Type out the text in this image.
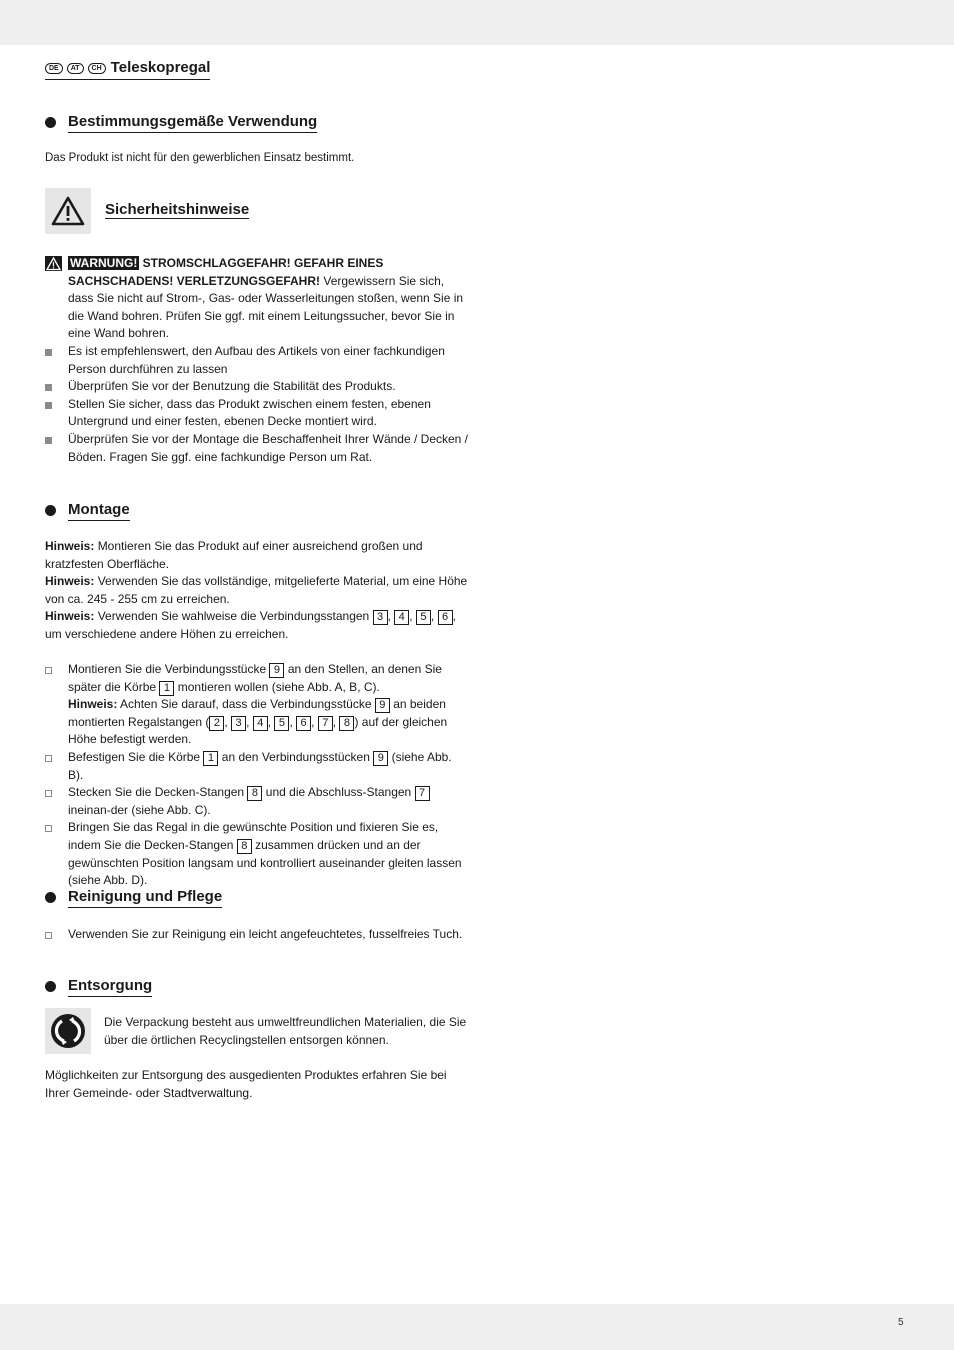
DE	AT	CH Teleskopregal
Bestimmungsgemäße Verwendung

Das Produkt ist nicht für den gewerblichen Einsatz bestimmt.

Sicherheitshinweise
WARNUNG! STROMSCHLAGGEFAHR! GEFAHR EINES SACHSCHADENS! VERLETZUNGSGEFAHR! Vergewissern Sie sich, dass Sie nicht auf Strom-, Gas- oder Wasserleitungen stoßen, wenn Sie in die Wand bohren. Prüfen Sie ggf. mit einem Leitungssucher, bevor Sie in eine Wand bohren.
Es ist empfehlenswert, den Aufbau des Artikels von einer fachkundigen Person durchführen zu lassen
Überprüfen Sie vor der Benutzung die Stabilität des Produkts.
Stellen Sie sicher, dass das Produkt zwischen einem festen, ebenen Untergrund und einer festen, ebenen Decke montiert wird.
Überprüfen Sie vor der Montage die Beschaffenheit Ihrer Wände / Decken / Böden. Fragen Sie ggf. eine fachkundige Person um Rat.
Montage

Hinweis: Montieren Sie das Produkt auf einer ausreichend großen und kratzfesten Oberfläche.

Hinweis: Verwenden Sie das vollständige, mitgelieferte Material, um eine Höhe von ca. 245 - 255 cm zu erreichen.

Hinweis: Verwenden Sie wahlweise die Verbindungsstangen 3 , 4 , 5 , 6 , um verschiedene andere Höhen zu erreichen.

Montieren Sie die Verbindungsstücke 9 an den Stellen, an denen Sie später die Körbe 1 montieren wollen (siehe Abb. A, B, C).
Hinweis: Achten Sie darauf, dass die Verbindungsstücke 9 an beiden montierten Regalstangen ( 2 , 3 , 4 , 5 , 6 , 7 , 8 ) auf der gleichen Höhe befestigt werden.
Befestigen Sie die Körbe 1 an den Verbindungsstücken 9 (siehe Abb. B).
Stecken Sie die Decken-Stangen 8 und die Abschluss-Stangen 7 ineinan-der (siehe Abb. C).
Bringen Sie das Regal in die gewünschte Position und fixieren Sie es, indem Sie die Decken-Stangen 8 zusammen drücken und an der gewünschten Position langsam und kontrolliert auseinander gleiten lassen (siehe Abb. D).
Reinigung und Pflege
Verwenden Sie zur Reinigung ein leicht angefeuchtetes, fusselfreies Tuch.
Entsorgung

Die Verpackung besteht aus umweltfreundlichen Materialien, die Sie über die örtlichen Recyclingstellen entsorgen können.

Möglichkeiten zur Entsorgung des ausgedienten Produktes erfahren Sie bei Ihrer Gemeinde- oder Stadtverwaltung.

5
